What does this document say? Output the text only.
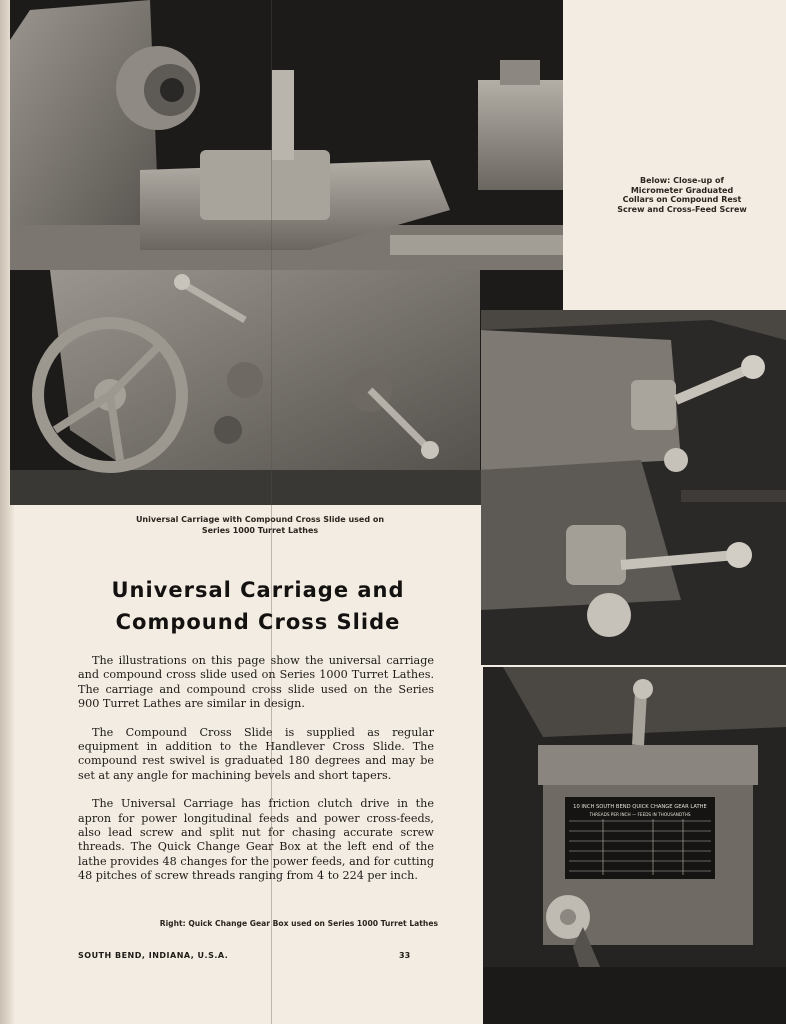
Below: Close-up of Micrometer Graduated Collars on Compound Rest Screw and Cross-Feed Screw
10 INCH SOUTH BEND QUICK CHANGE GEAR LATHE
THREADS PER INCH — FEEDS IN THOUSANDTHS
Universal Carriage with Compound Cross Slide used on Series 1000 Turret Lathes
Universal Carriage and
Compound Cross Slide

The illustrations on this page show the universal carriage and compound cross slide used on Series 1000 Turret Lathes. The carriage and compound cross slide used on the Series 900 Turret Lathes are similar in design.

The Compound Cross Slide is supplied as regular equipment in addition to the Handlever Cross Slide. The compound rest swivel is graduated 180 degrees and may be set at any angle for machining bevels and short tapers.

The Universal Carriage has friction clutch drive in the apron for power longitudinal feeds and power cross-feeds, also lead screw and split nut for chasing accurate screw threads. The Quick Change Gear Box at the left end of the lathe provides 48 changes for the power feeds, and for cutting 48 pitches of screw threads ranging from 4 to 224 per inch.

Right: Quick Change Gear Box used on Series 1000 Turret Lathes
SOUTH BEND, INDIANA, U.S.A.	33
